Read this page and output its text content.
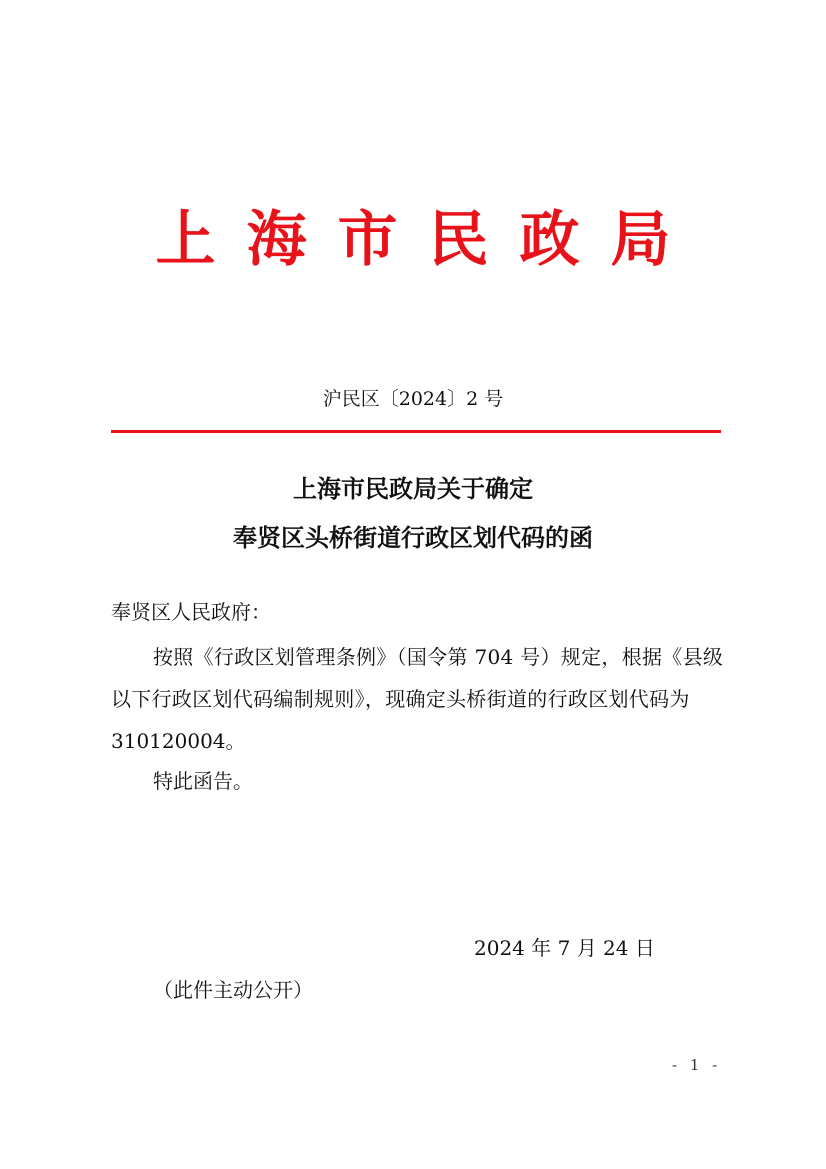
上海市民政局
沪民区〔2024〕2 号
上海市民政局关于确定
奉贤区头桥街道行政区划代码的函
奉贤区人民政府：
按照《行政区划管理条例》（国令第 704 号）规定，根据《县级
以下行政区划代码编制规则》，现确定头桥街道的行政区划代码为
310120004。
特此函告。
2024 年 7 月 24 日
（此件主动公开）
- 1 -
